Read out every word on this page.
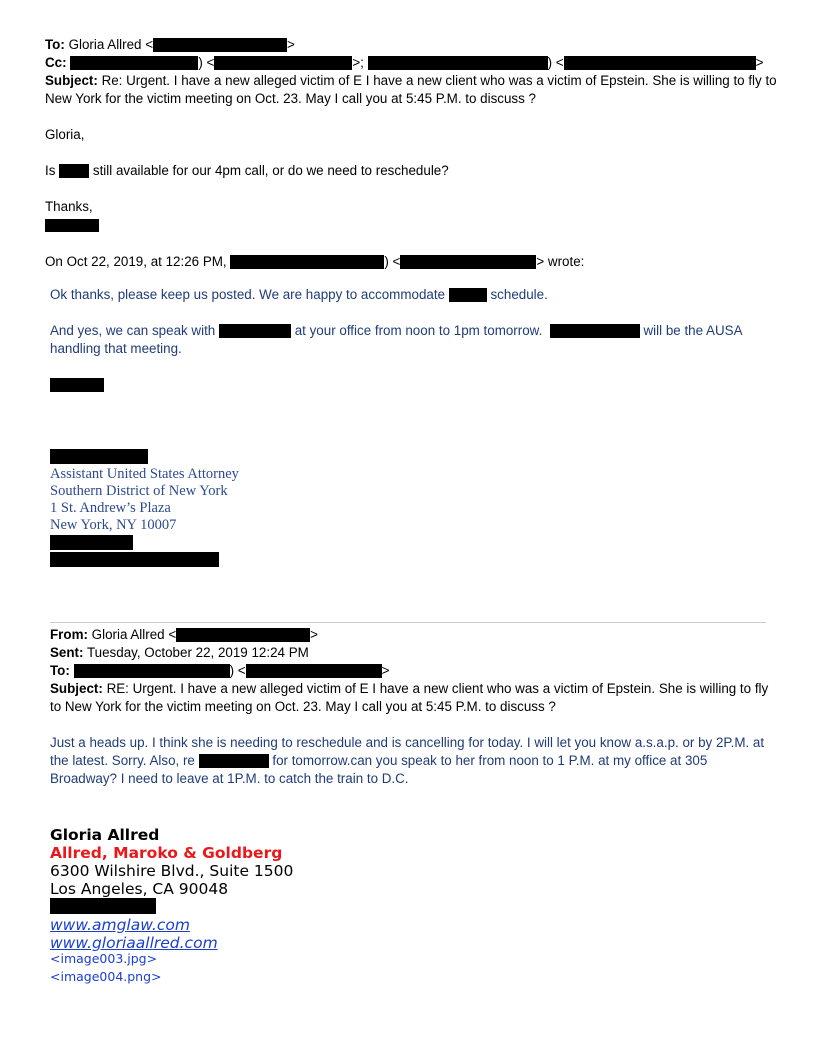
To: Gloria Allred <	>
Cc:	) <	>;	) <	>
Subject: Re: Urgent. I have a new alleged victim of E I have a new client who was a victim of Epstein. She is willing to fly to
New York for the victim meeting on Oct. 23. May I call you at 5:45 P.M. to discuss ?
Gloria,
Is	still available for our 4pm call, or do we need to reschedule?
Thanks,
On Oct 22, 2019, at 12:26 PM,	) <	> wrote:
Ok thanks, please keep us posted. We are happy to accommodate	schedule.
And yes, we can speak with	at your office from noon to 1pm tomorrow.	will be the AUSA
handling that meeting.
Assistant United States Attorney
Southern District of New York
1 St. Andrew’s Plaza
New York, NY 10007
From: Gloria Allred <	>
Sent: Tuesday, October 22, 2019 12:24 PM
To:	) <	>
Subject: RE: Urgent. I have a new alleged victim of E I have a new client who was a victim of Epstein. She is willing to fly
to New York for the victim meeting on Oct. 23. May I call you at 5:45 P.M. to discuss ?
Just a heads up. I think she is needing to reschedule and is cancelling for today. I will let you know a.s.a.p. or by 2P.M. at
the latest. Sorry. Also, re	for tomorrow.can you speak to her from noon to 1 P.M. at my office at 305
Broadway? I need to leave at 1P.M. to catch the train to D.C.
Gloria Allred
Allred, Maroko & Goldberg
6300 Wilshire Blvd., Suite 1500
Los Angeles, CA 90048
www.amglaw.com
www.gloriaallred.com
<image003.jpg>
<image004.png>
